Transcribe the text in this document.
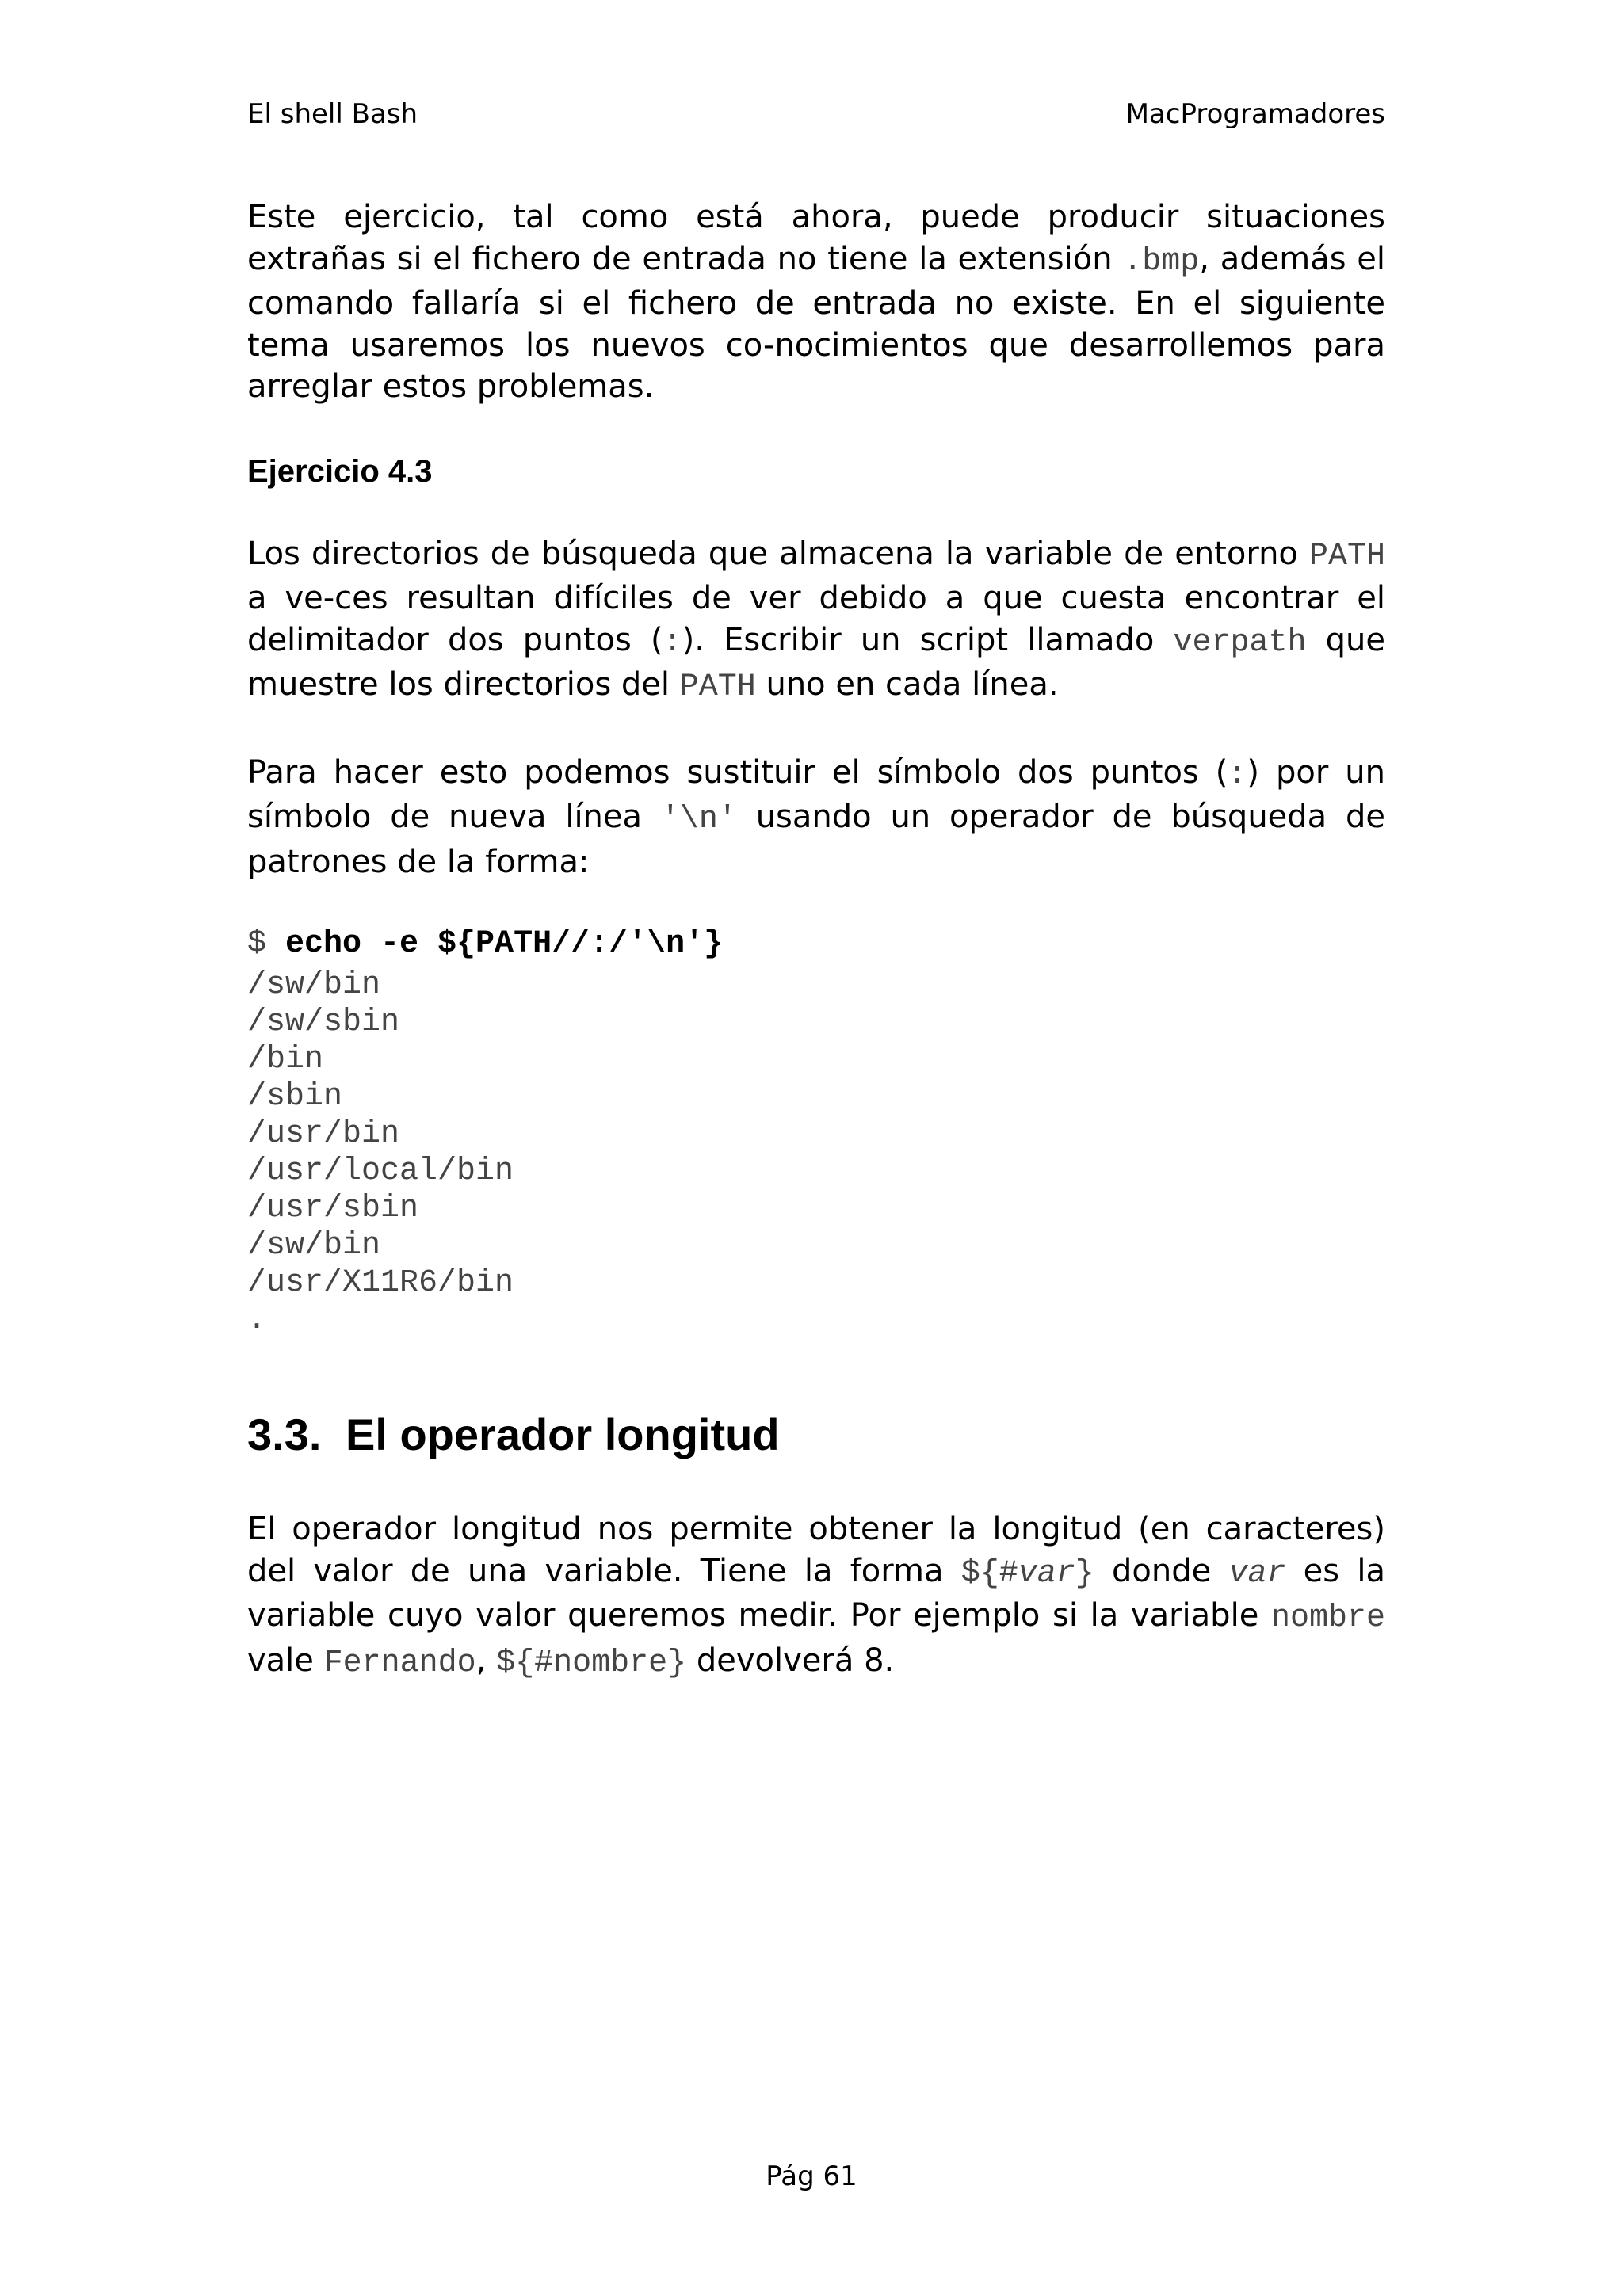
El shell Bash	MacProgramadores

Este ejercicio, tal como está ahora, puede producir situaciones extrañas si el fichero de entrada no tiene la extensión .bmp, además el comando fallaría si el fichero de entrada no existe. En el siguiente tema usaremos los nuevos co-nocimientos que desarrollemos para arreglar estos problemas.

Ejercicio 4.3

Los directorios de búsqueda que almacena la variable de entorno PATH a ve-ces resultan difíciles de ver debido a que cuesta encontrar el delimitador dos puntos (:). Escribir un script llamado verpath que muestre los directorios del PATH uno en cada línea.

Para hacer esto podemos sustituir el símbolo dos puntos (:) por un símbolo de nueva línea '\n' usando un operador de búsqueda de patrones de la forma:

$ echo -e ${PATH//:/'\n'}
/sw/bin
/sw/sbin
/bin
/sbin
/usr/bin
/usr/local/bin
/usr/sbin
/sw/bin
/usr/X11R6/bin
.
3.3. El operador longitud

El operador longitud nos permite obtener la longitud (en caracteres) del valor de una variable. Tiene la forma ${#var} donde var es la variable cuyo valor queremos medir. Por ejemplo si la variable nombre vale Fernando, ${#nombre} devolverá 8.

Pág 61
